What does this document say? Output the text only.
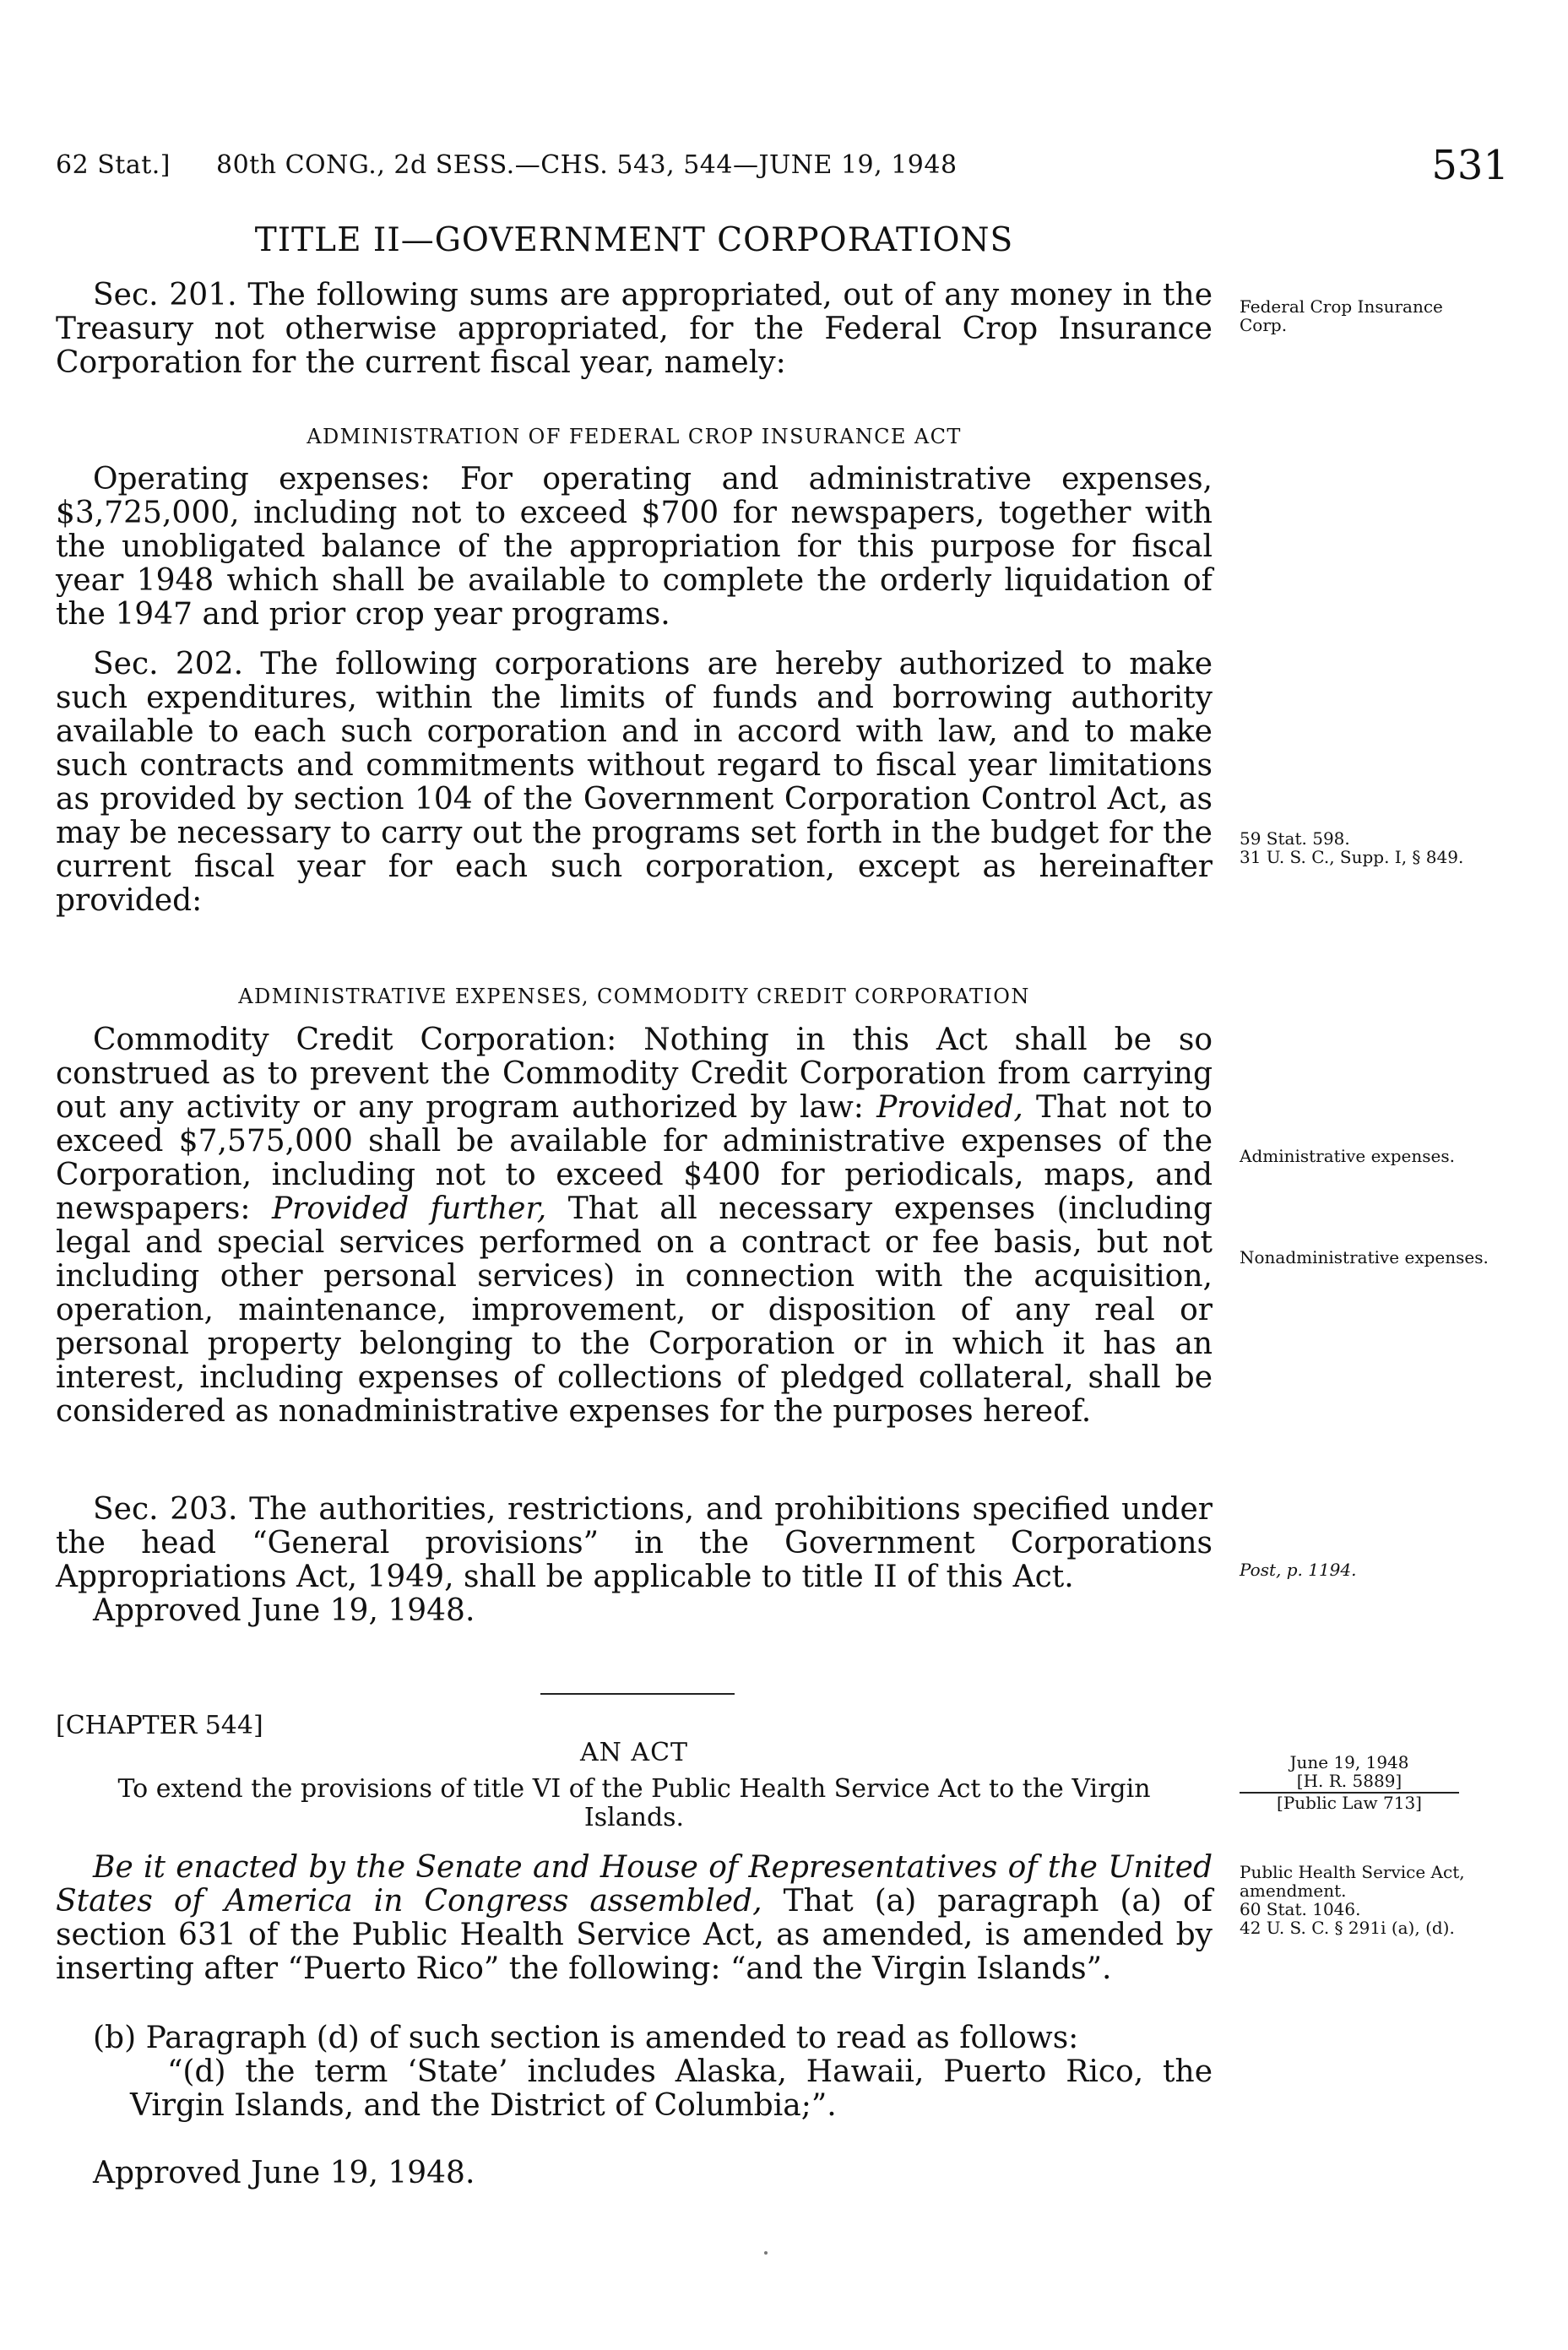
62 Stat.] 80th CONG., 2d SESS.—CHS. 543, 544—JUNE 19, 1948	531
TITLE II—GOVERNMENT CORPORATIONS

Sec. 201. The following sums are appropriated, out of any money in the Treasury not otherwise appropriated, for the Federal Crop Insurance Corporation for the current fiscal year, namely:

ADMINISTRATION OF FEDERAL CROP INSURANCE ACT

Operating expenses: For operating and administrative expenses, $3,725,000, including not to exceed $700 for newspapers, together with the unobligated balance of the appropriation for this purpose for fiscal year 1948 which shall be available to complete the orderly liquidation of the 1947 and prior crop year programs.

Sec. 202. The following corporations are hereby authorized to make such expenditures, within the limits of funds and borrowing authority available to each such corporation and in accord with law, and to make such contracts and commitments without regard to fiscal year limitations as provided by section 104 of the Government Corporation Control Act, as may be necessary to carry out the programs set forth in the budget for the current fiscal year for each such corporation, except as hereinafter provided:

ADMINISTRATIVE EXPENSES, COMMODITY CREDIT CORPORATION

Commodity Credit Corporation: Nothing in this Act shall be so construed as to prevent the Commodity Credit Corporation from carrying out any activity or any program authorized by law: Provided, That not to exceed $7,575,000 shall be available for administrative expenses of the Corporation, including not to exceed $400 for periodicals, maps, and newspapers: Provided further, That all necessary expenses (including legal and special services performed on a contract or fee basis, but not including other personal services) in connection with the acquisition, operation, maintenance, improvement, or disposition of any real or personal property belonging to the Corporation or in which it has an interest, including expenses of collections of pledged collateral, shall be considered as nonadministrative expenses for the purposes hereof.

Sec. 203. The authorities, restrictions, and prohibitions specified under the head “General provisions” in the Government Corporations Appropriations Act, 1949, shall be applicable to title II of this Act.

Approved June 19, 1948.
[CHAPTER 544]
AN ACT
To extend the provisions of title VI of the Public Health Service Act to the Virgin Islands.

Be it enacted by the Senate and House of Representatives of the United States of America in Congress assembled, That (a) paragraph (a) of section 631 of the Public Health Service Act, as amended, is amended by inserting after “Puerto Rico” the following: “and the Virgin Islands”.

(b) Paragraph (d) of such section is amended to read as follows:

“(d) the term ‘State’ includes Alaska, Hawaii, Puerto Rico, the Virgin Islands, and the District of Columbia;”.

Approved June 19, 1948.
Federal Crop Insurance Corp.

59 Stat. 598.

31 U. S. C., Supp. I, § 849.

Administrative expenses.
Nonadministrative expenses.
Post, p. 1194.

June 19, 1948

[H. R. 5889]

[Public Law 713]

Public Health Service Act, amendment.

60 Stat. 1046.

42 U. S. C. § 291i (a), (d).
